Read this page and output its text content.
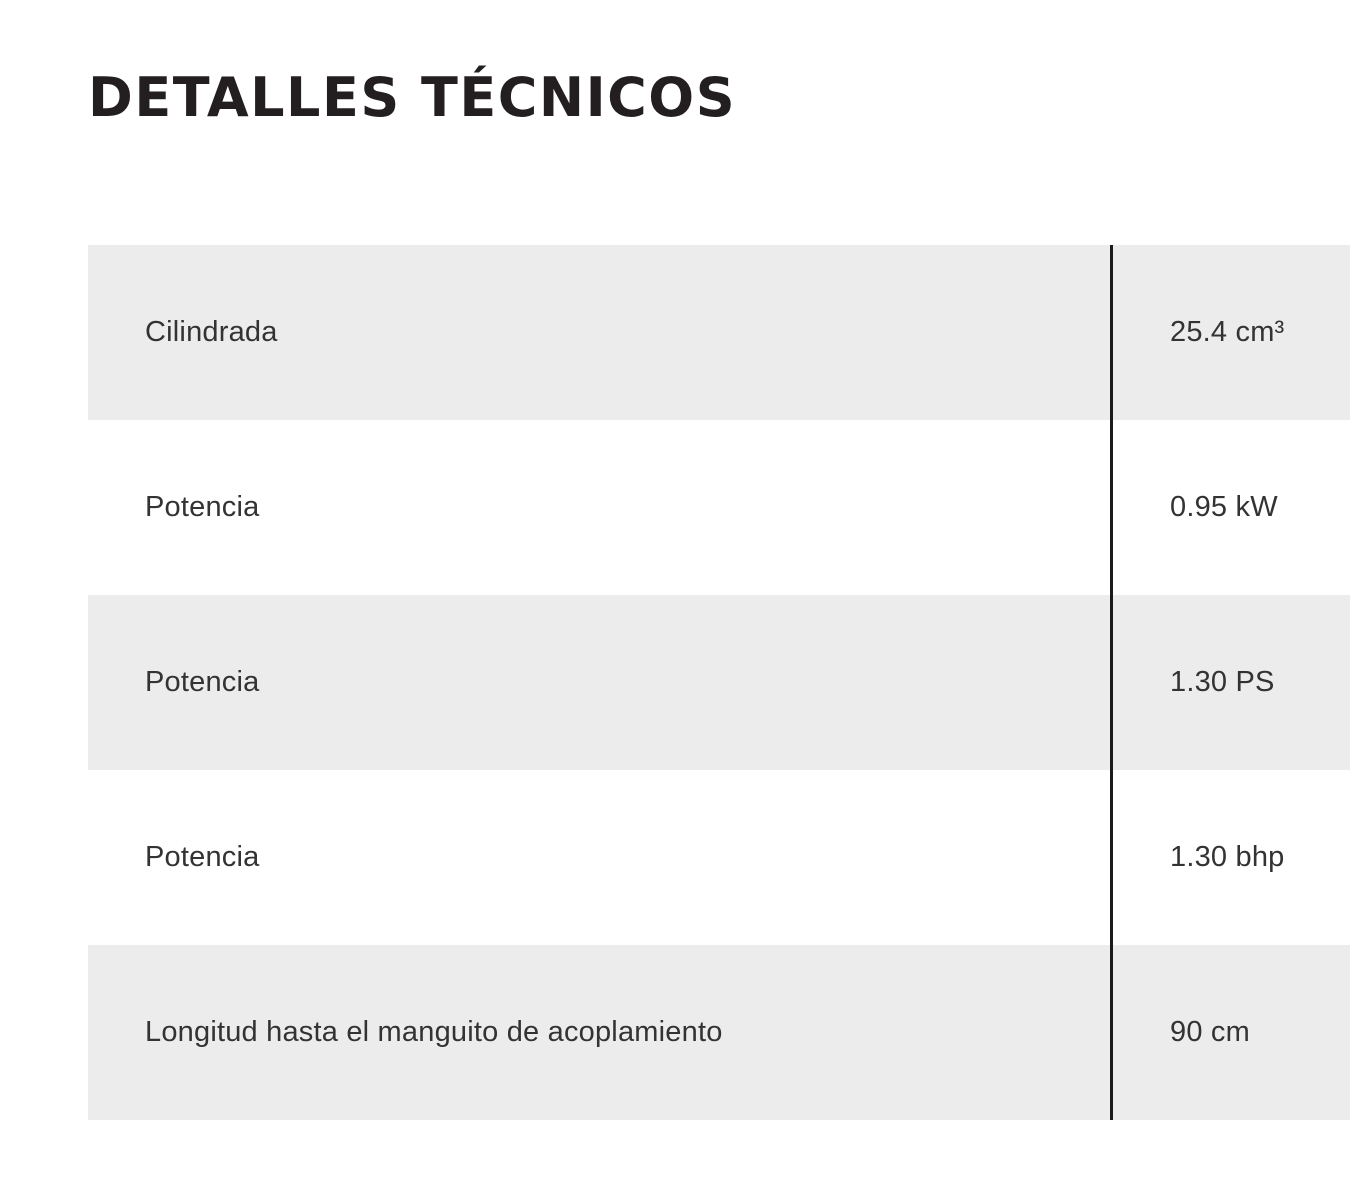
DETALLES TÉCNICOS
Cilindrada	25.4 cm³
Potencia	0.95 kW
Potencia	1.30 PS
Potencia	1.30 bhp
Longitud hasta el manguito de acoplamiento	90 cm
